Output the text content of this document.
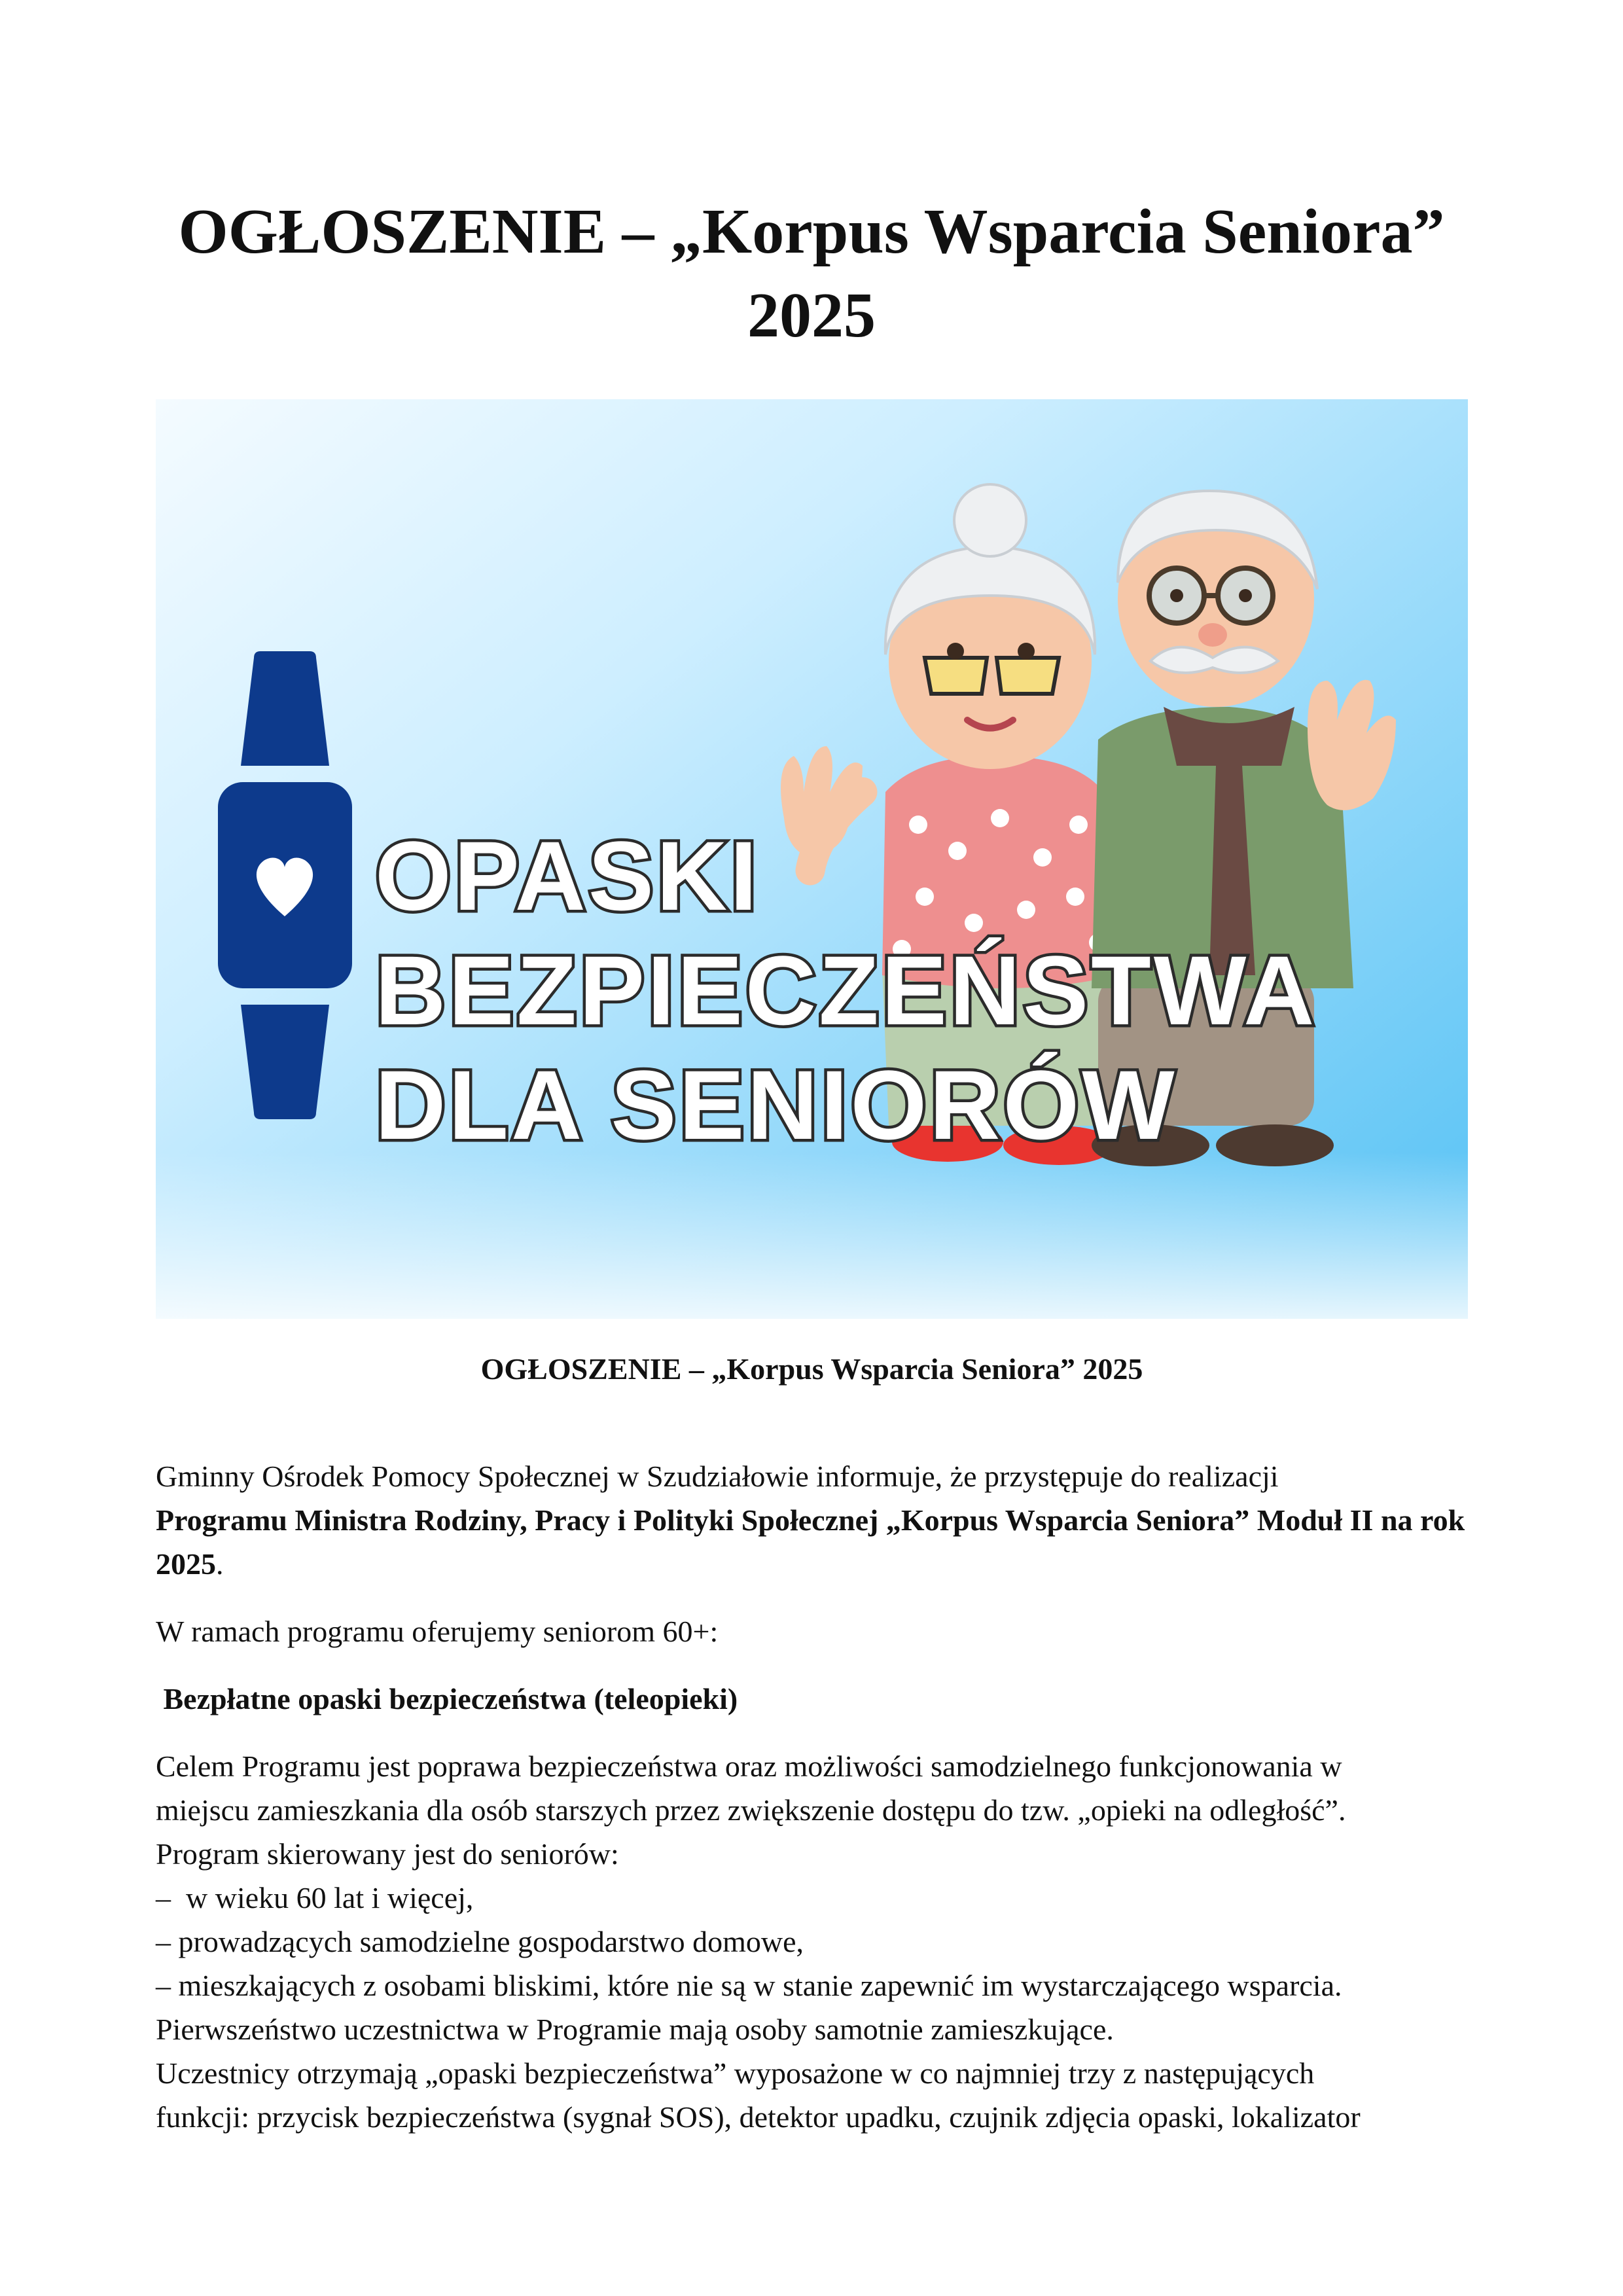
OGŁOSZENIE – „Korpus Wsparcia Seniora”
2025
OPASKI
BEZPIECZEŃSTWA
DLA SENIORÓW

OGŁOSZENIE – „Korpus Wsparcia Seniora” 2025

Gminny Ośrodek Pomocy Społecznej w Szudziałowie informuje, że przystępuje do realizacji
Programu Ministra Rodziny, Pracy i Polityki Społecznej „Korpus Wsparcia Seniora” Moduł II na rok 2025.

W ramach programu oferujemy seniorom 60+:

Bezpłatne opaski bezpieczeństwa (teleopieki)

Celem Programu jest poprawa bezpieczeństwa oraz możliwości samodzielnego funkcjonowania w

miejscu zamieszkania dla osób starszych przez zwiększenie dostępu do tzw. „opieki na odległość”.

Program skierowany jest do seniorów:

–  w wieku 60 lat i więcej,

– prowadzących samodzielne gospodarstwo domowe,

– mieszkających z osobami bliskimi, które nie są w stanie zapewnić im wystarczającego wsparcia.

Pierwszeństwo uczestnictwa w Programie mają osoby samotnie zamieszkujące.

Uczestnicy otrzymają „opaski bezpieczeństwa” wyposażone w co najmniej trzy z następujących

funkcji: przycisk bezpieczeństwa (sygnał SOS), detektor upadku, czujnik zdjęcia opaski, lokalizator
